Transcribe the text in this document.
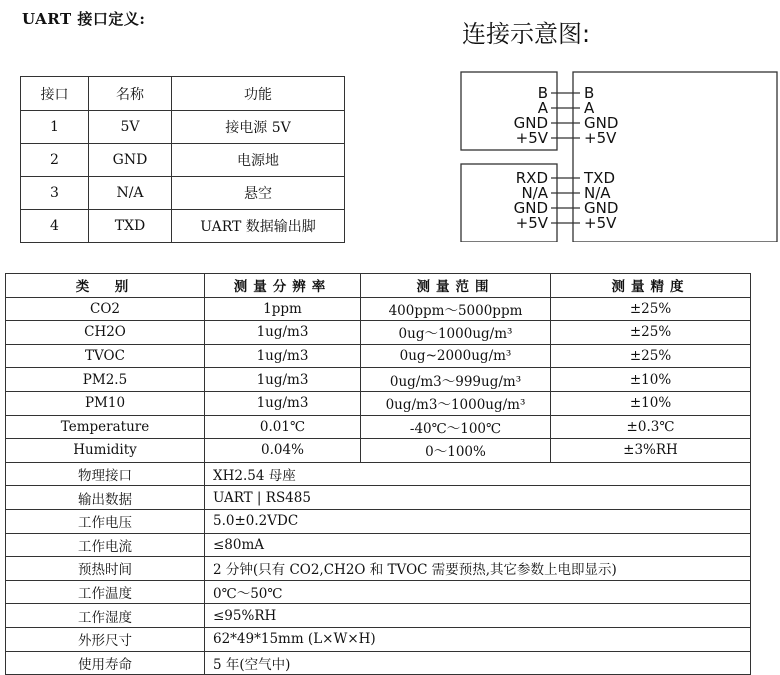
UART 接口定义:
连接示意图:
接口	名称	功能
1	5V	接电源 5V
2	GND	电源地
3	N/A	悬空
4	TXD	UART 数据输出脚
B
A
GND
+5V
B
A
GND
+5V
RXD
N/A
GND
+5V
TXD
N/A
GND
+5V
类　别	测量分辨率	测量范围	测量精度
CO2	1ppm	400ppm～5000ppm	±25%
CH2O	1ug/m3	0ug～1000ug/m³	±25%
TVOC	1ug/m3	0ug~2000ug/m³	±25%
PM2.5	1ug/m3	0ug/m3～999ug/m³	±10%
PM10	1ug/m3	0ug/m3～1000ug/m³	±10%
Temperature	0.01℃	-40℃～100℃	±0.3℃
Humidity	0.04%	0～100%	±3%RH
物理接口	XH2.54 母座		
输出数据	UART | RS485		
工作电压	5.0±0.2VDC		
工作电流	≤80mA		
预热时间	2 分钟(只有 CO2,CH2O 和 TVOC 需要预热,其它参数上电即显示)		
工作温度	0℃～50℃		
工作湿度	≤95%RH		
外形尺寸	62*49*15mm (L×W×H)		
使用寿命	5 年(空气中)		
